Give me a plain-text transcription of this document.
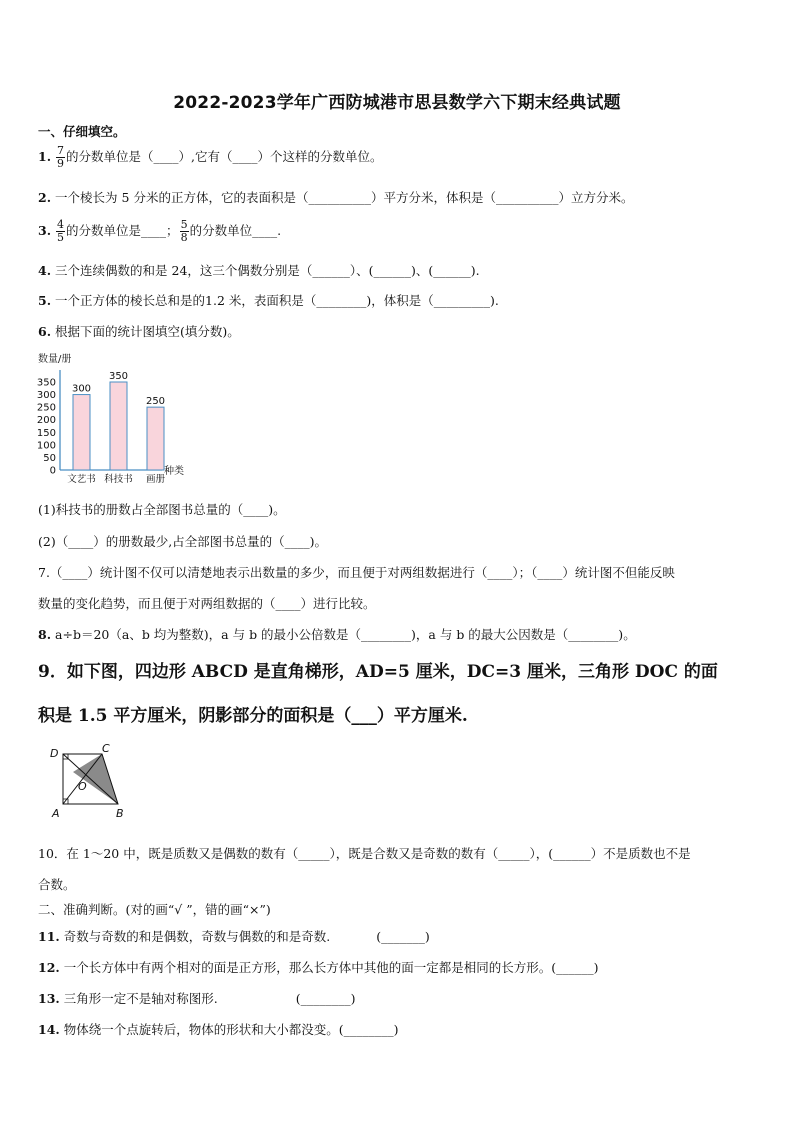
2022-2023学年广西防城港市思县数学六下期末经典试题
一、仔细填空。
1. $\frac{7}{9}$ 的分数单位是（____）,它有（____）个这样的分数单位。
2. 一个棱长为 5 分米的正方体，它的表面积是（__________）平方分米，体积是（__________）立方分米。
3. $\frac{4}{5}$ 的分数单位是____； $\frac{5}{8}$ 的分数单位____.
4. 三个连续偶数的和是 24，这三个偶数分别是（______）、(______)、(______).
5. 一个正方体的棱长总和是的1.2 米，表面积是（________)，体积是（_________).
6. 根据下面的统计图填空(填分数)。
数量/册
0
50
100
150
200
250
300
350
300
文艺书
350
科技书
250
画册
种类
(1)科技书的册数占全部图书总量的（____)。
(2)（____）的册数最少,占全部图书总量的（____)。
7.（____）统计图不仅可以清楚地表示出数量的多少，而且便于对两组数据进行（____）；（____）统计图不但能反映
数量的变化趋势，而且便于对两组数据的（____）进行比较。
8. a÷b＝20（a、b 均为整数)，a 与 b 的最小公倍数是（________)，a 与 b 的最大公因数是（________)。
9．如下图，四边形 ABCD 是直角梯形，AD=5 厘米，DC=3 厘米，三角形 DOC 的面
积是 1.5 平方厘米，阴影部分的面积是（___）平方厘米.
D	C
O
A	B
10．在 1～20 中，既是质数又是偶数的数有（_____），既是合数又是奇数的数有（_____），(______）不是质数也不是
合数。
二、准确判断。(对的画“√ ”，错的画“×”)
11. 奇数与奇数的和是偶数，奇数与偶数的和是奇数.	(_______)
12. 一个长方体中有两个相对的面是正方形，那么长方体中其他的面一定都是相同的长方形。(______)
13. 三角形一定不是轴对称图形.	(________)
14. 物体绕一个点旋转后，物体的形状和大小都没变。(________)
